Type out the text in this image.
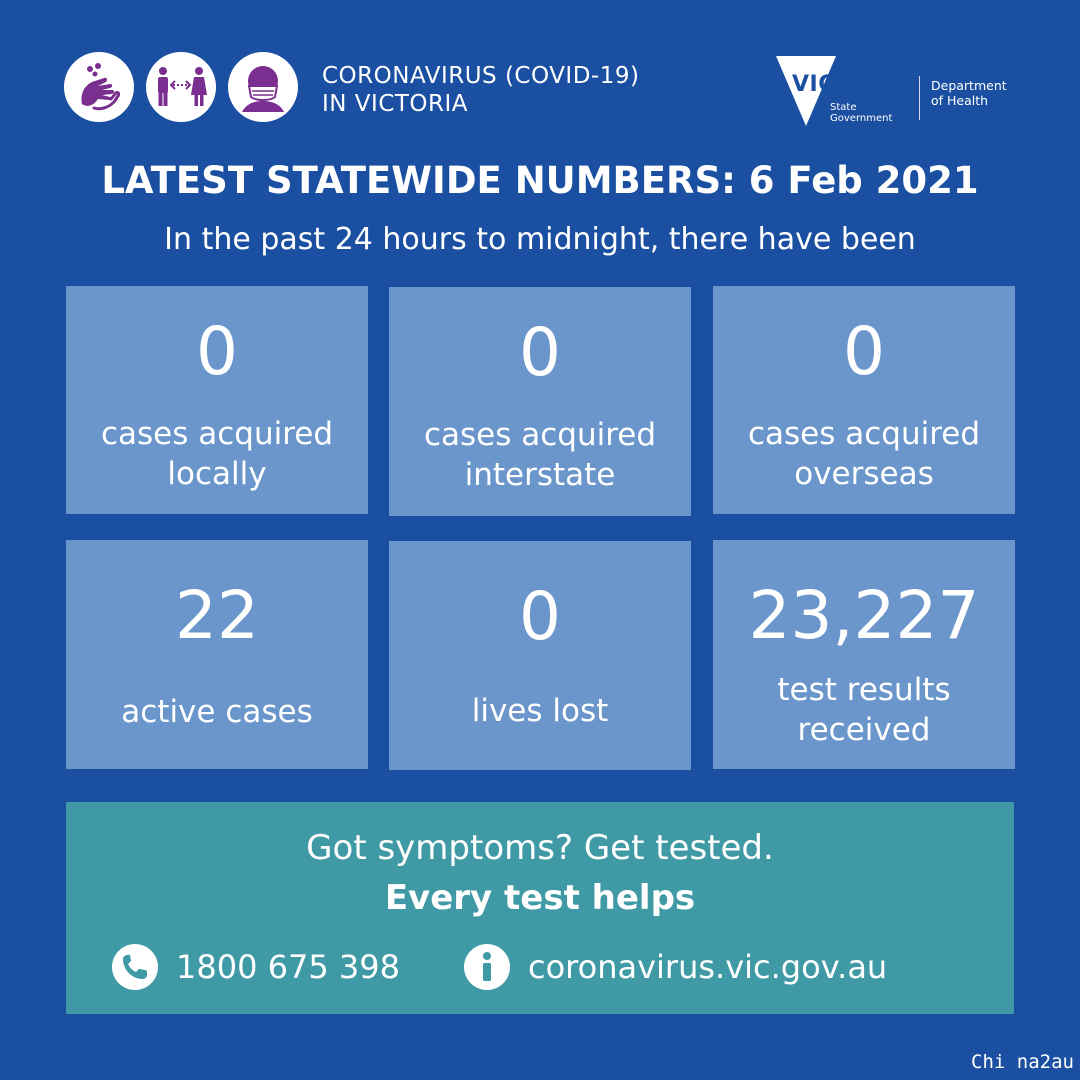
CORONAVIRUS (COVID-19)
IN VICTORIA
VICTORIA
State
Government
Department
of Health
LATEST STATEWIDE NUMBERS: 6 Feb 2021
In the past 24 hours to midnight, there have been
0
cases acquired
locally
0
cases acquired
interstate
0
cases acquired
overseas
22
active cases
0
lives lost
23,227
test results
received
Got symptoms? Get tested.
Every test helps
1800 675 398	coronavirus.vic.gov.au
Chi na2au
